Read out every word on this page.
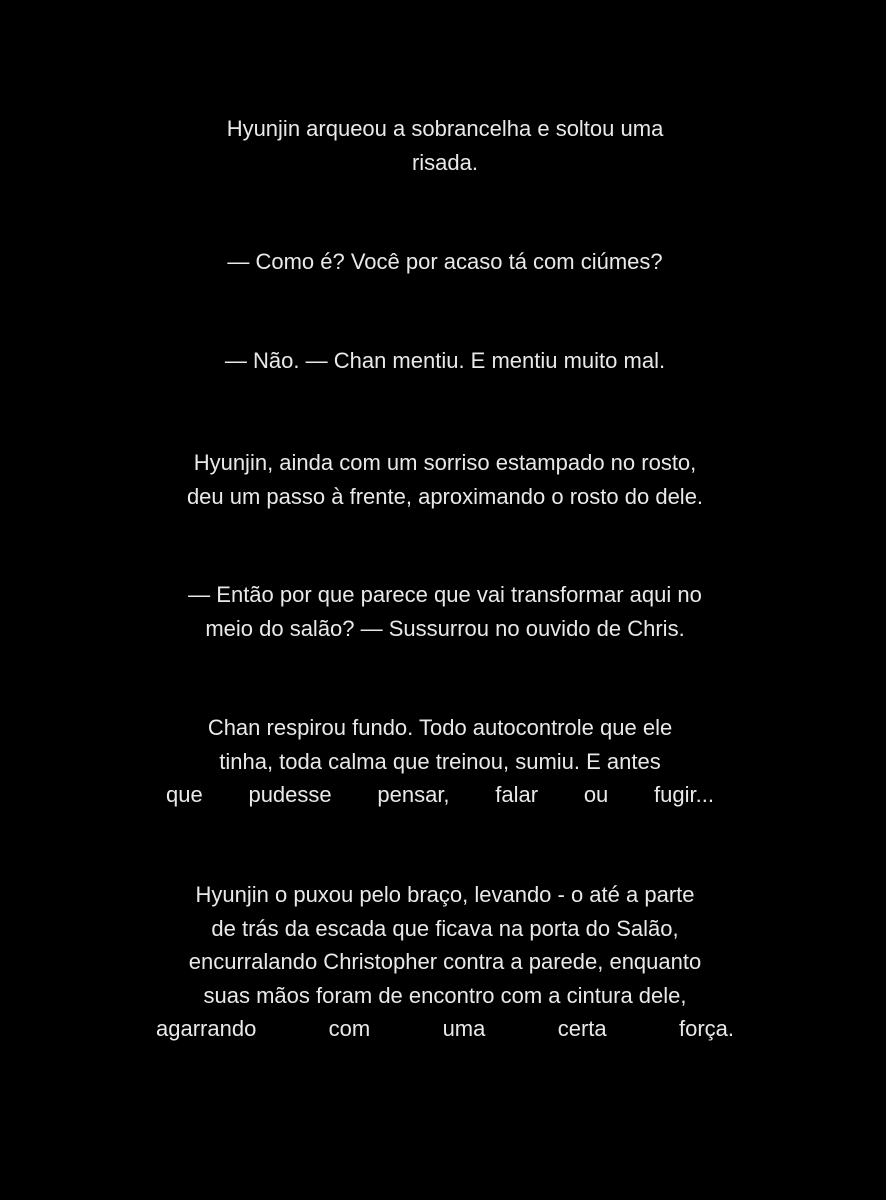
Hyunjin arqueou a sobrancelha e soltou uma
risada.
— Como é? Você por acaso tá com ciúmes?
— Não. — Chan mentiu. E mentiu muito mal.
Hyunjin, ainda com um sorriso estampado no rosto,
deu um passo à frente, aproximando o rosto do dele.
— Então por que parece que vai transformar aqui no
meio do salão? — Sussurrou no ouvido de Chris.
Chan respirou fundo. Todo autocontrole que ele
tinha, toda calma que treinou, sumiu. E antes
que pudesse pensar, falar ou fugir...
Hyunjin o puxou pelo braço, levando - o até a parte
de trás da escada que ficava na porta do Salão,
encurralando Christopher contra a parede, enquanto
suas mãos foram de encontro com a cintura dele,
agarrando	com	uma	certa	força.
